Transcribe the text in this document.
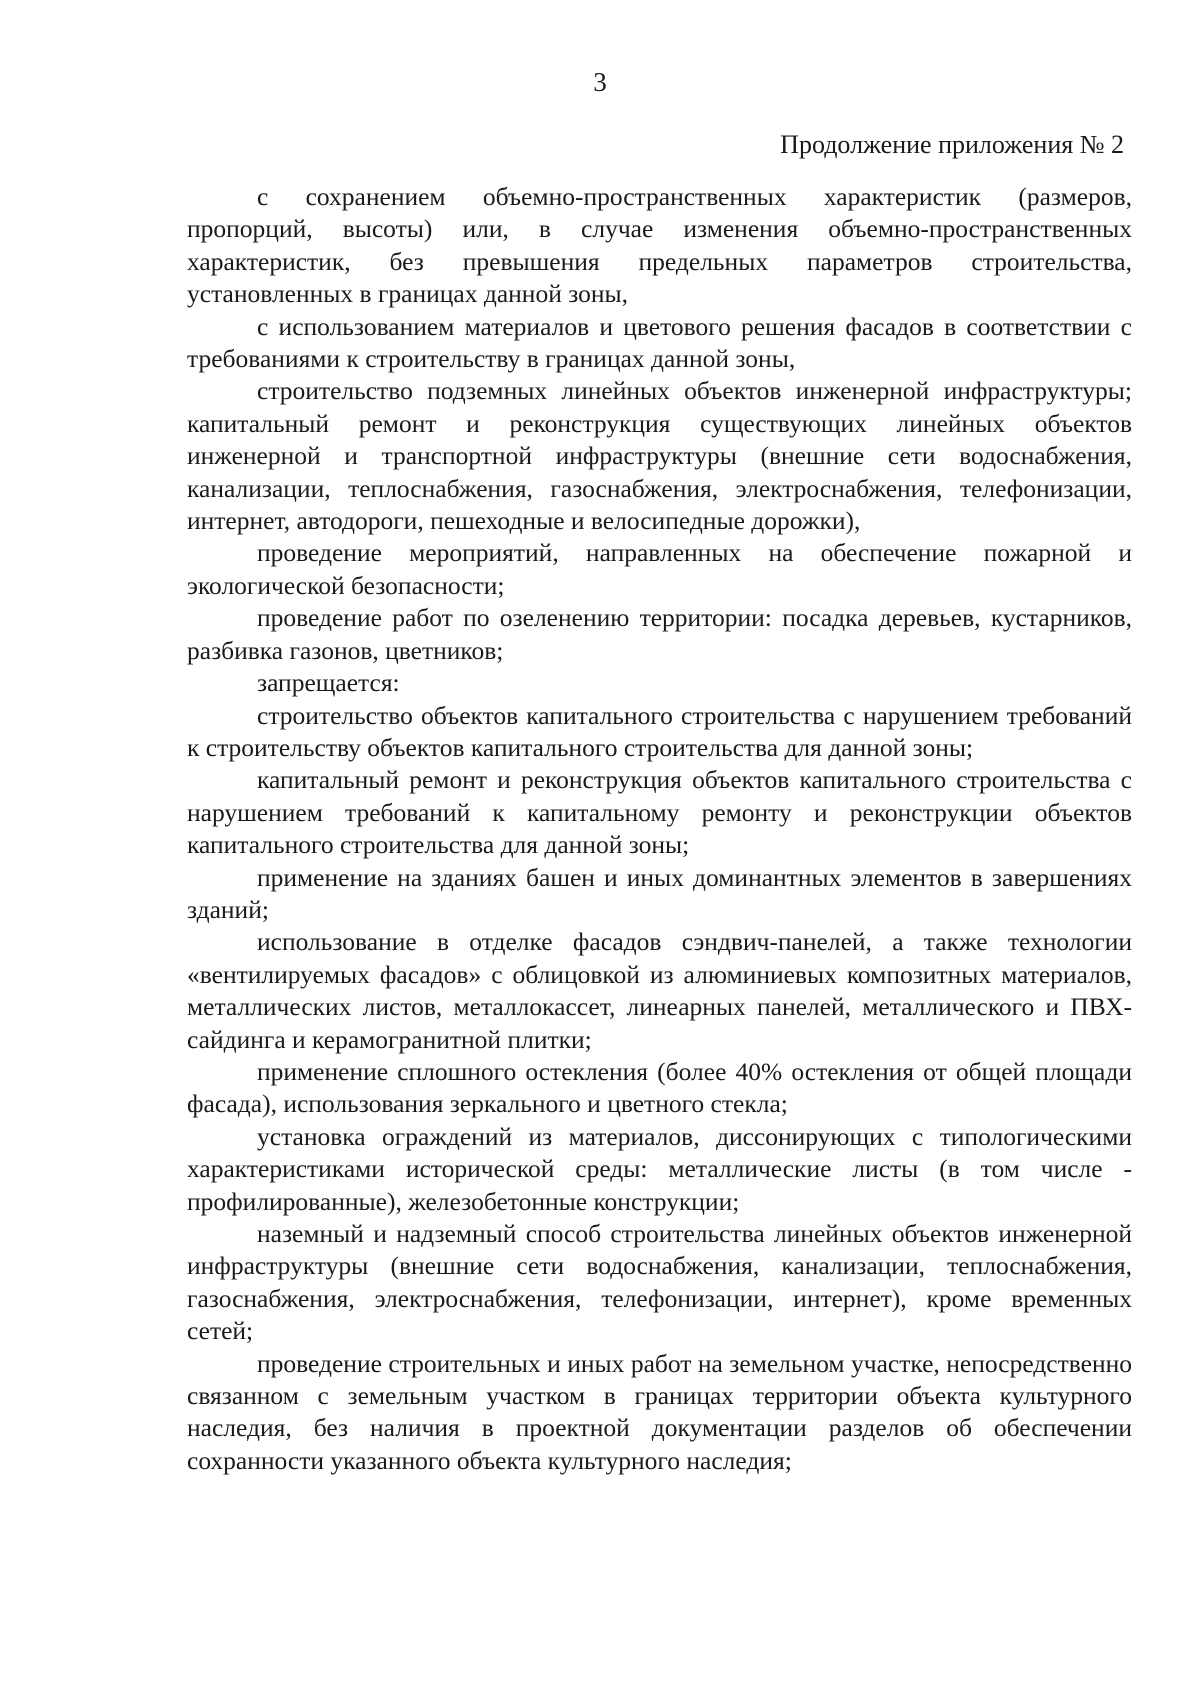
3
Продолжение приложения № 2

с сохранением объемно-пространственных характеристик (размеров, пропорций, высоты) или, в случае изменения объемно-пространственных характеристик, без превышения предельных параметров строительства, установленных в границах данной зоны,

с использованием материалов и цветового решения фасадов в соответствии с требованиями к строительству в границах данной зоны,

строительство подземных линейных объектов инженерной инфраструктуры; капитальный ремонт и реконструкция существующих линейных объектов инженерной и транспортной инфраструктуры (внешние сети водоснабжения, канализации, теплоснабжения, газоснабжения, электроснабжения, телефонизации, интернет, автодороги, пешеходные и велосипедные дорожки),

проведение мероприятий, направленных на обеспечение пожарной и экологической безопасности;

проведение работ по озеленению территории: посадка деревьев, кустарников, разбивка газонов, цветников;

запрещается:

строительство объектов капитального строительства с нарушением требований к строительству объектов капитального строительства для данной зоны;

капитальный ремонт и реконструкция объектов капитального строительства с нарушением требований к капитальному ремонту и реконструкции объектов капитального строительства для данной зоны;

применение на зданиях башен и иных доминантных элементов в завершениях зданий;

использование в отделке фасадов сэндвич-панелей, а также технологии «вентилируемых фасадов» с облицовкой из алюминиевых композитных материалов, металлических листов, металлокассет, линеарных панелей, металлического и ПВХ-сайдинга и керамогранитной плитки;

применение сплошного остекления (более 40% остекления от общей площади фасада), использования зеркального и цветного стекла;

установка ограждений из материалов, диссонирующих с типологическими характеристиками исторической среды: металлические листы (в том числе - профилированные), железобетонные конструкции;

наземный и надземный способ строительства линейных объектов инженерной инфраструктуры (внешние сети водоснабжения, канализации, теплоснабжения, газоснабжения, электроснабжения, телефонизации, интернет), кроме временных сетей;

проведение строительных и иных работ на земельном участке, непосредственно связанном с земельным участком в границах территории объекта культурного наследия, без наличия в проектной документации разделов об обеспечении сохранности указанного объекта культурного наследия;
